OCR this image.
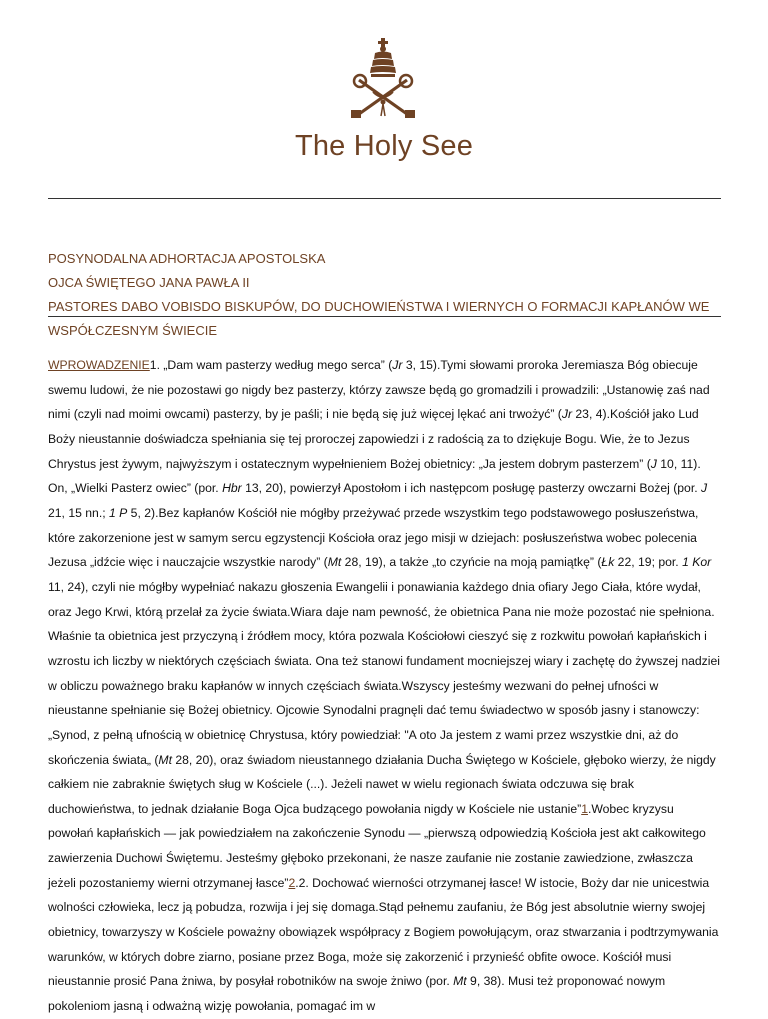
The Holy See
POSYNODALNA ADHORTACJA APOSTOLSKA
OJCA ŚWIĘTEGO JANA PAWŁA II
PASTORES DABO VOBISDO BISKUPÓW, DO DUCHOWIEŃSTWA I WIERNYCH O FORMACJI KAPŁANÓW WE
WSPÓŁCZESNYM ŚWIECIE
WPROWADZENIE1. „Dam wam pasterzy według mego serca” (Jr 3, 15).Tymi słowami proroka Jeremiasza Bóg obiecuje swemu ludowi, że nie pozostawi go nigdy bez pasterzy, którzy zawsze będą go gromadzili i prowadzili: „Ustanowię zaś nad nimi (czyli nad moimi owcami) pasterzy, by je paśli; i nie będą się już więcej lękać ani trwożyć” (Jr 23, 4).Kościół jako Lud Boży nieustannie doświadcza spełniania się tej proroczej zapowiedzi i z radością za to dziękuje Bogu. Wie, że to Jezus Chrystus jest żywym, najwyższym i ostatecznym wypełnieniem Bożej obietnicy: „Ja jestem dobrym pasterzem” (J 10, 11). On, „Wielki Pasterz owiec” (por. Hbr 13, 20), powierzył Apostołom i ich następcom posługę pasterzy owczarni Bożej (por. J 21, 15 nn.; 1 P 5, 2).Bez kapłanów Kościół nie mógłby przeżywać przede wszystkim tego podstawowego posłuszeństwa, które zakorzenione jest w samym sercu egzystencji Kościoła oraz jego misji w dziejach: posłuszeństwa wobec polecenia Jezusa „idźcie więc i nauczajcie wszystkie narody” (Mt 28, 19), a także „to czyńcie na moją pamiątkę” (Łk 22, 19; por. 1 Kor 11, 24), czyli nie mógłby wypełniać nakazu głoszenia Ewangelii i ponawiania każdego dnia ofiary Jego Ciała, które wydał, oraz Jego Krwi, którą przelał za życie świata.Wiara daje nam pewność, że obietnica Pana nie może pozostać nie spełniona. Właśnie ta obietnica jest przyczyną i źródłem mocy, która pozwala Kościołowi cieszyć się z rozkwitu powołań kapłańskich i wzrostu ich liczby w niektórych częściach świata. Ona też stanowi fundament mocniejszej wiary i zachętę do żywszej nadziei w obliczu poważnego braku kapłanów w innych częściach świata.Wszyscy jesteśmy wezwani do pełnej ufności w nieustanne spełnianie się Bożej obietnicy. Ojcowie Synodalni pragnęli dać temu świadectwo w sposób jasny i stanowczy: „Synod, z pełną ufnością w obietnicę Chrystusa, który powiedział: "A oto Ja jestem z wami przez wszystkie dni, aż do skończenia świata„ (Mt 28, 20), oraz świadom nieustannego działania Ducha Świętego w Kościele, głęboko wierzy, że nigdy całkiem nie zabraknie świętych sług w Kościele (...). Jeżeli nawet w wielu regionach świata odczuwa się brak duchowieństwa, to jednak działanie Boga Ojca budzącego powołania nigdy w Kościele nie ustanie”1.Wobec kryzysu powołań kapłańskich — jak powiedziałem na zakończenie Synodu — „pierwszą odpowiedzią Kościoła jest akt całkowitego zawierzenia Duchowi Świętemu. Jesteśmy głęboko przekonani, że nasze zaufanie nie zostanie zawiedzione, zwłaszcza jeżeli pozostaniemy wierni otrzymanej łasce”2.2. Dochować wierności otrzymanej łasce! W istocie, Boży dar nie unicestwia wolności człowieka, lecz ją pobudza, rozwija i jej się domaga.Stąd pełnemu zaufaniu, że Bóg jest absolutnie wierny swojej obietnicy, towarzyszy w Kościele poważny obowiązek współpracy z Bogiem powołującym, oraz stwarzania i podtrzymywania warunków, w których dobre ziarno, posiane przez Boga, może się zakorzenić i przynieść obfite owoce. Kościół musi nieustannie prosić Pana żniwa, by posyłał robotników na swoje żniwo (por. Mt 9, 38). Musi też proponować nowym pokoleniom jasną i odważną wizję powołania, pomagać im w
